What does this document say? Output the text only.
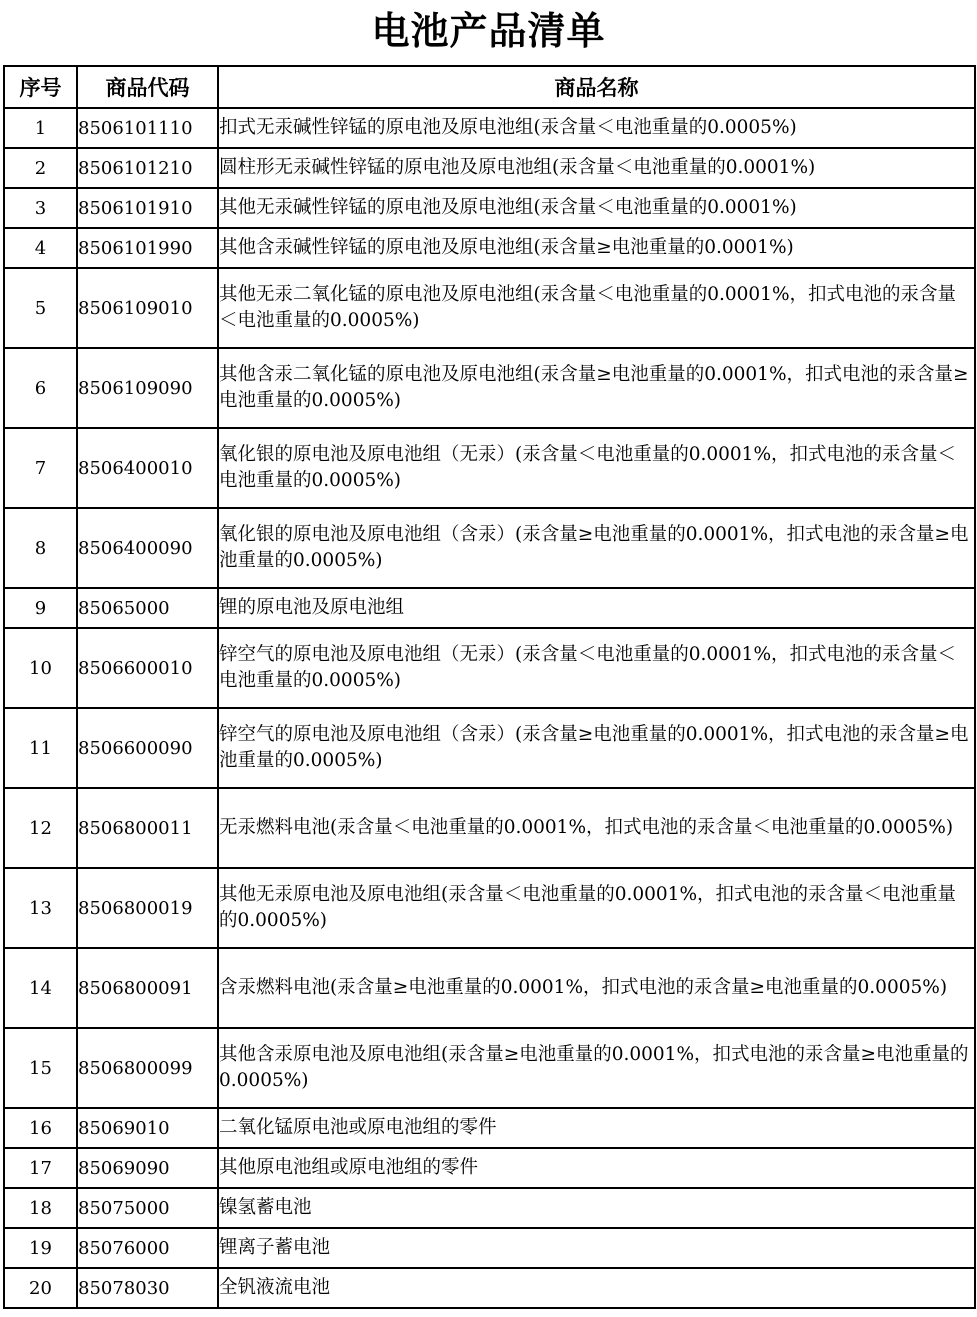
电池产品清单
序号	商品代码	商品名称
1	8506101110	扣式无汞碱性锌锰的原电池及原电池组(汞含量＜电池重量的0.0005%)
2	8506101210	圆柱形无汞碱性锌锰的原电池及原电池组(汞含量＜电池重量的0.0001%)
3	8506101910	其他无汞碱性锌锰的原电池及原电池组(汞含量＜电池重量的0.0001%)
4	8506101990	其他含汞碱性锌锰的原电池及原电池组(汞含量≥电池重量的0.0001%)
5	8506109010	其他无汞二氧化锰的原电池及原电池组(汞含量＜电池重量的0.0001%，扣式电池的汞含量＜电池重量的0.0005%)
6	8506109090	其他含汞二氧化锰的原电池及原电池组(汞含量≥电池重量的0.0001%，扣式电池的汞含量≥电池重量的0.0005%)
7	8506400010	氧化银的原电池及原电池组（无汞）(汞含量＜电池重量的0.0001%，扣式电池的汞含量＜电池重量的0.0005%)
8	8506400090	氧化银的原电池及原电池组（含汞）(汞含量≥电池重量的0.0001%，扣式电池的汞含量≥电池重量的0.0005%)
9	85065000	锂的原电池及原电池组
10	8506600010	锌空气的原电池及原电池组（无汞）(汞含量＜电池重量的0.0001%，扣式电池的汞含量＜电池重量的0.0005%)
11	8506600090	锌空气的原电池及原电池组（含汞）(汞含量≥电池重量的0.0001%，扣式电池的汞含量≥电池重量的0.0005%)
12	8506800011	无汞燃料电池(汞含量＜电池重量的0.0001%，扣式电池的汞含量＜电池重量的0.0005%)
13	8506800019	其他无汞原电池及原电池组(汞含量＜电池重量的0.0001%，扣式电池的汞含量＜电池重量的0.0005%)
14	8506800091	含汞燃料电池(汞含量≥电池重量的0.0001%，扣式电池的汞含量≥电池重量的0.0005%)
15	8506800099	其他含汞原电池及原电池组(汞含量≥电池重量的0.0001%，扣式电池的汞含量≥电池重量的0.0005%)
16	85069010	二氧化锰原电池或原电池组的零件
17	85069090	其他原电池组或原电池组的零件
18	85075000	镍氢蓄电池
19	85076000	锂离子蓄电池
20	85078030	全钒液流电池
